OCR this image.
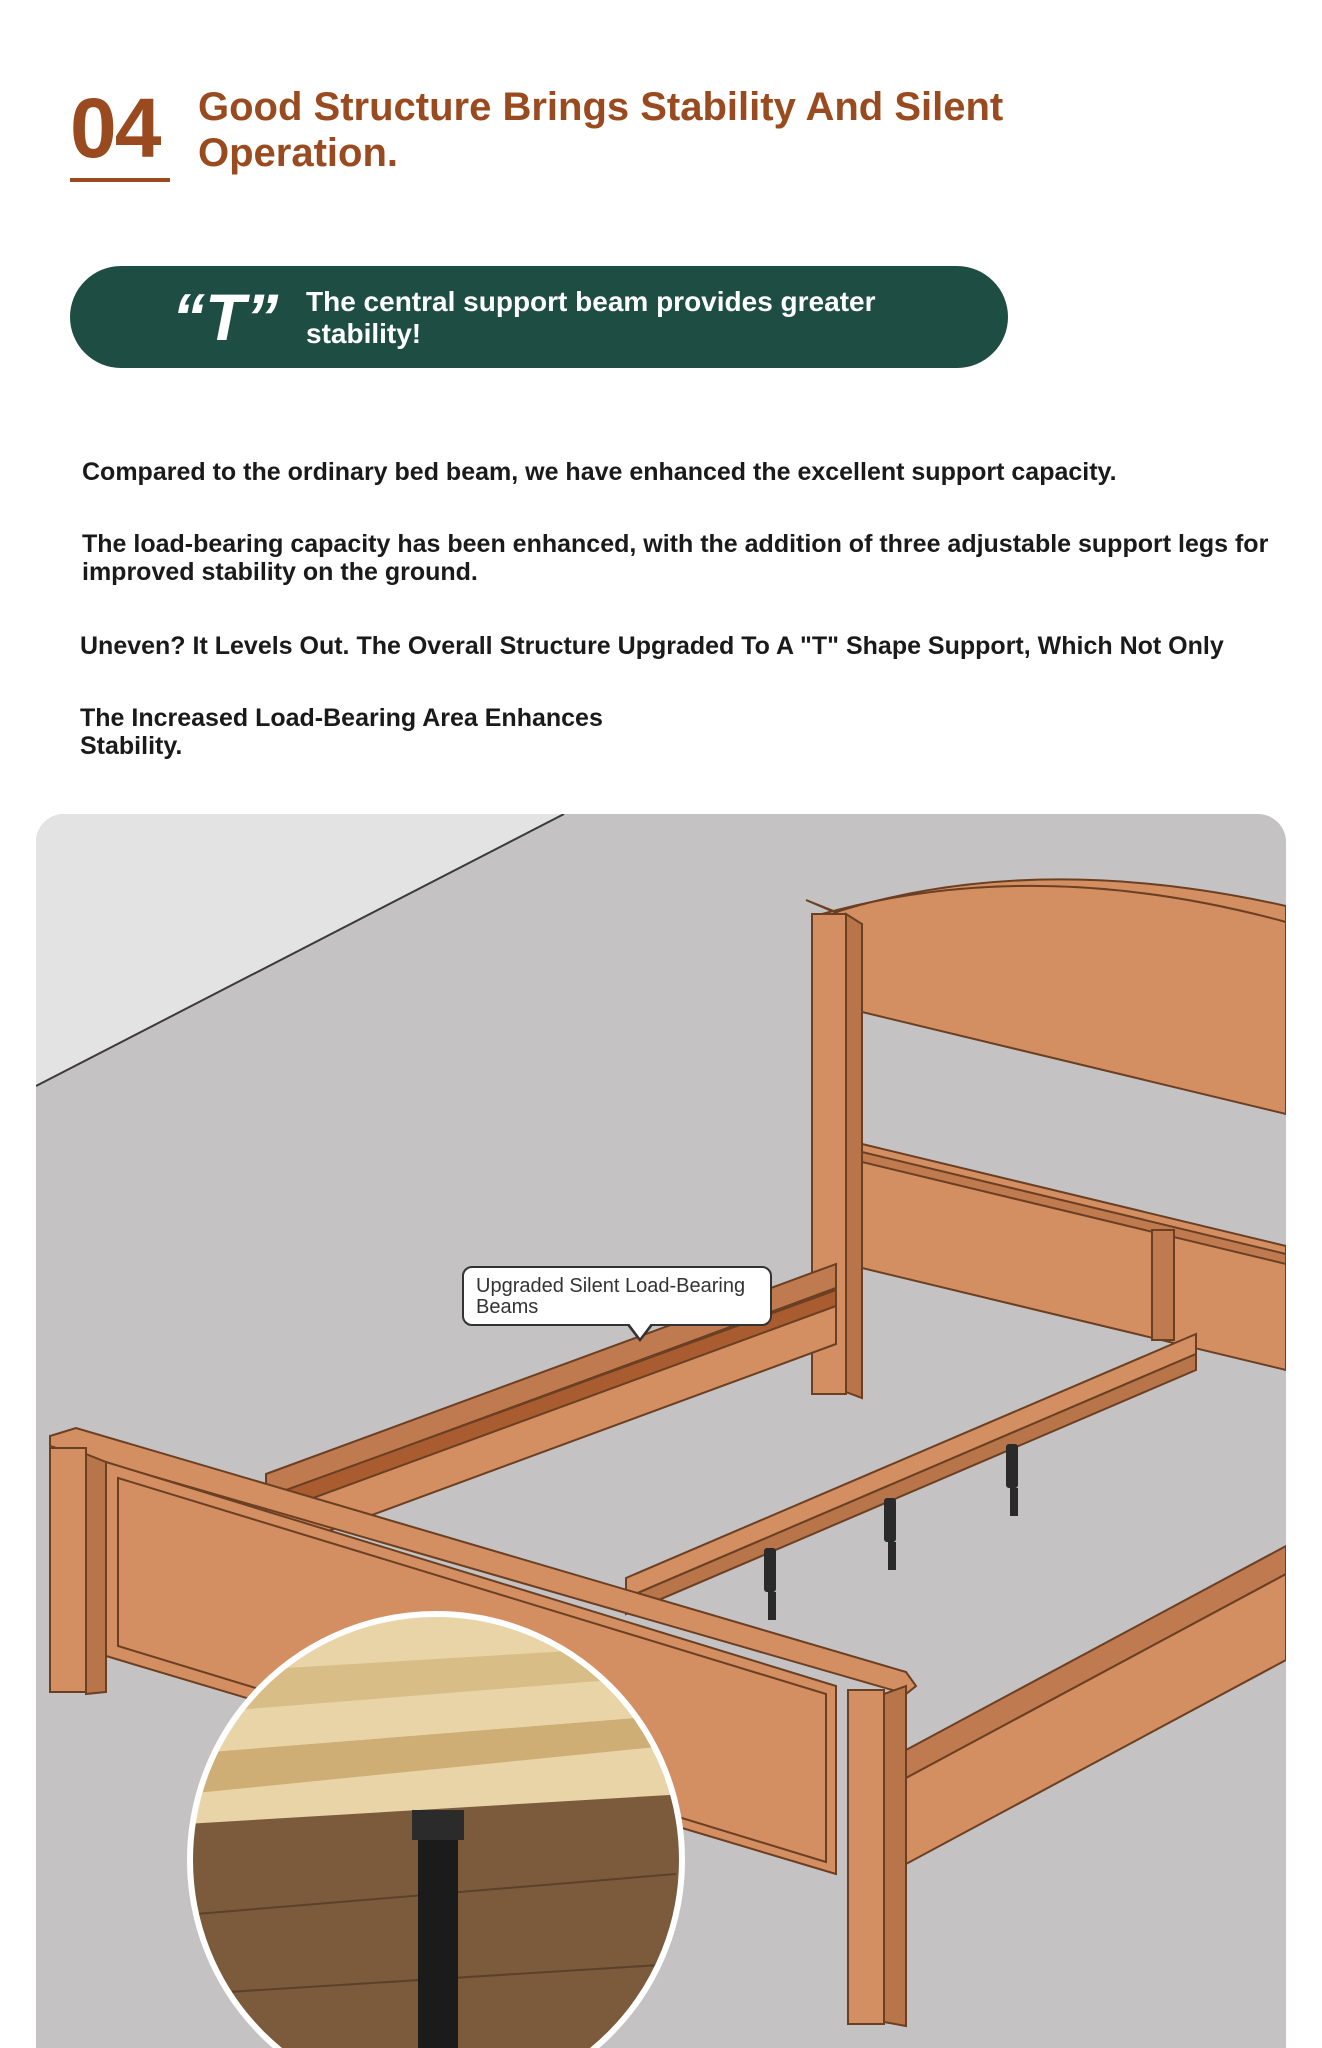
04 Good Structure Brings Stability And Silent Operation.
“T” The central support beam provides greater stability!
Compared to the ordinary bed beam, we have enhanced the excellent support capacity.
The load-bearing capacity has been enhanced, with the addition of three adjustable support legs for improved stability on the ground.
Uneven? It Levels Out. The Overall Structure Upgraded To A "T" Shape Support, Which Not Only
The Increased Load-Bearing Area Enhances Stability.
Upgraded Silent Load-Bearing Beams
